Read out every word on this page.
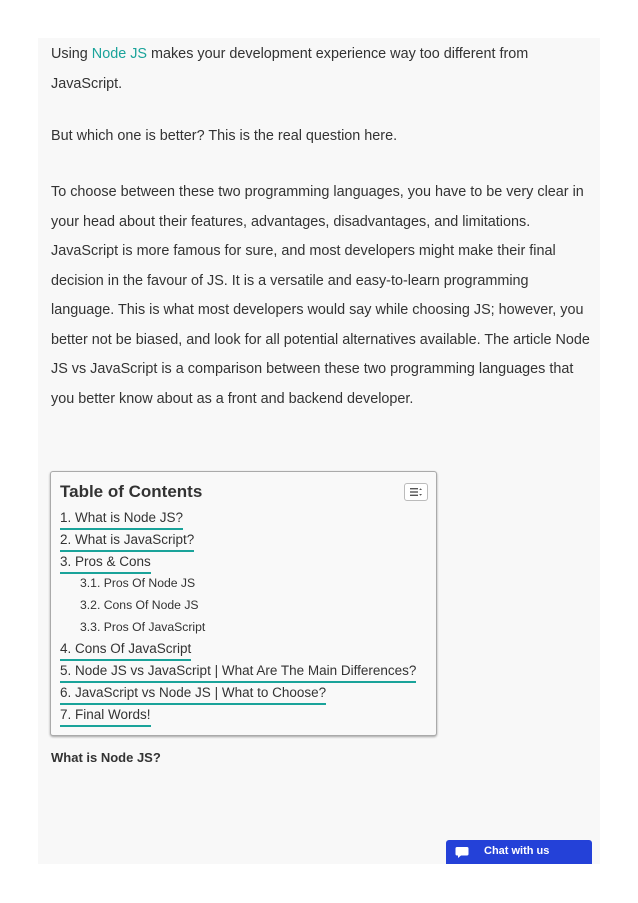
Using Node JS makes your development experience way too different from JavaScript.

But which one is better? This is the real question here.

To choose between these two programming languages, you have to be very clear in your head about their features, advantages, disadvantages, and limitations. JavaScript is more famous for sure, and most developers might make their final decision in the favour of JS. It is a versatile and easy-to-learn programming language. This is what most developers would say while choosing JS; however, you better not be biased, and look for all potential alternatives available. The article Node JS vs JavaScript is a comparison between these two programming languages that you better know about as a front and backend developer.

Table of Contents
1. What is Node JS?
2. What is JavaScript?
3. Pros & Cons
3.1. Pros Of Node JS
3.2. Cons Of Node JS
3.3. Pros Of JavaScript
4. Cons Of JavaScript
5. Node JS vs JavaScript | What Are The Main Differences?
6. JavaScript vs Node JS | What to Choose?
7. Final Words!
What is Node JS?
Chat with us
